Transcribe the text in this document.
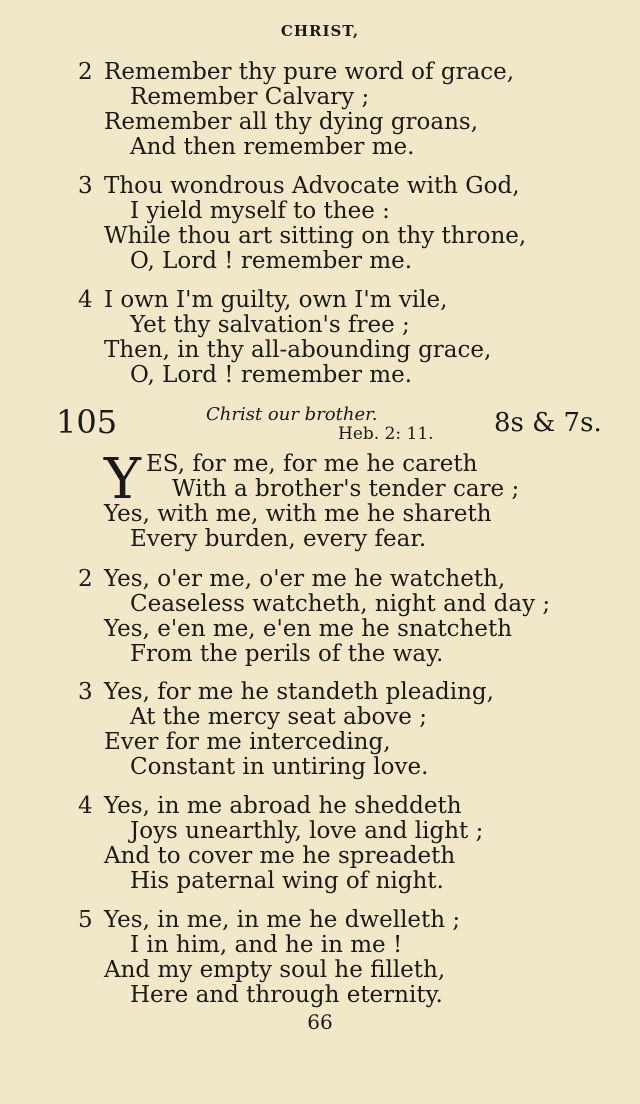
CHRIST,
2 Remember thy pure word of grace,
Remember Calvary ;
Remember all thy dying groans,
And then remember me.
3 Thou wondrous Advocate with God,
I yield myself to thee :
While thou art sitting on thy throne,
O, Lord ! remember me.
4 I own I'm guilty, own I'm vile,
Yet thy salvation's free ;
Then, in thy all-abounding grace,
O, Lord ! remember me.
105	Christ our brother.
Heb. 2: 11. 8s & 7s.
Y ES, for me, for me he careth
With a brother's tender care ;
Yes, with me, with me he shareth
Every burden, every fear.
2 Yes, o'er me, o'er me he watcheth,
Ceaseless watcheth, night and day ;
Yes, e'en me, e'en me he snatcheth
From the perils of the way.
3 Yes, for me he standeth pleading,
At the mercy seat above ;
Ever for me interceding,
Constant in untiring love.
4 Yes, in me abroad he sheddeth
Joys unearthly, love and light ;
And to cover me he spreadeth
His paternal wing of night.
5 Yes, in me, in me he dwelleth ;
I in him, and he in me !
And my empty soul he filleth,
Here and through eternity.
66
